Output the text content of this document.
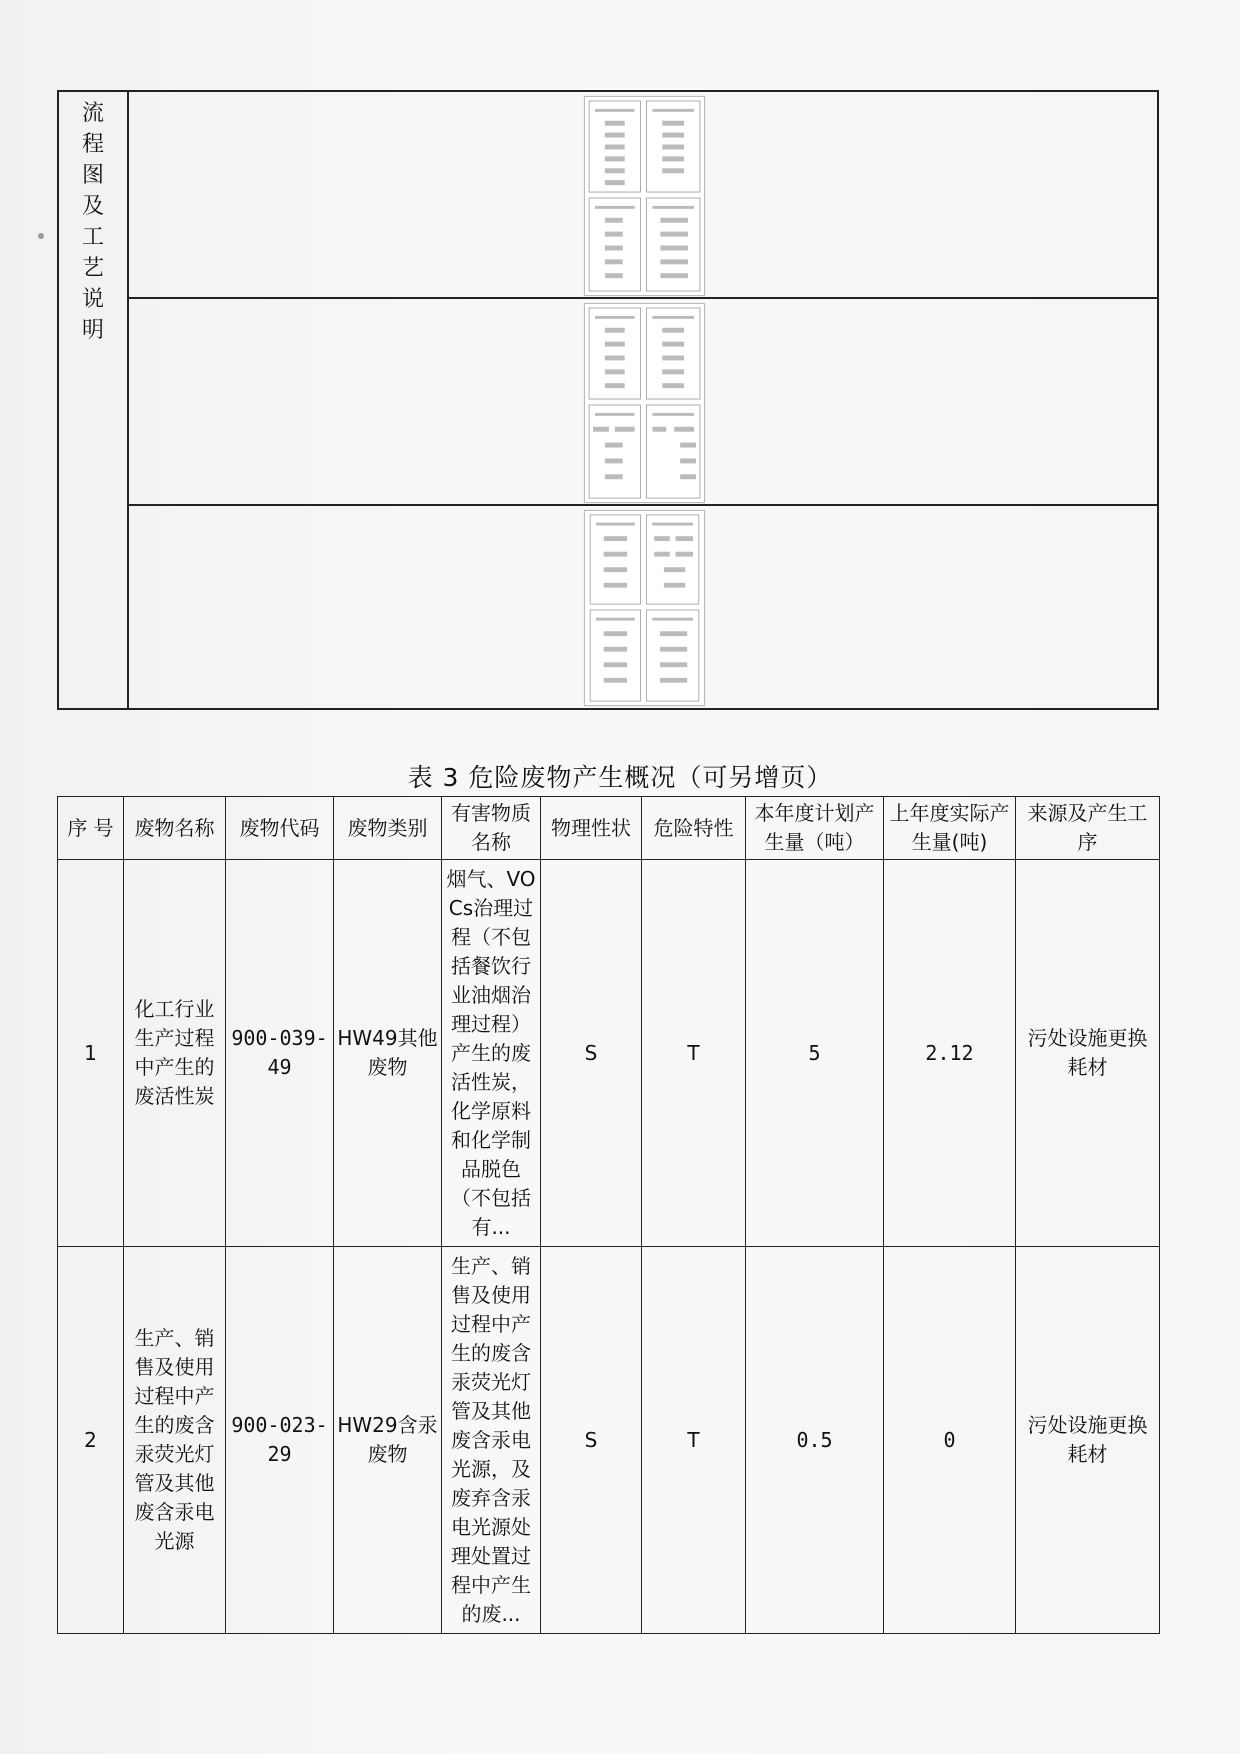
流
程
图
及
工
艺
说
明
表 3 危险废物产生概况（可另增页）
序 号	废物名称	废物代码	废物类别	有害物质名称	物理性状	危险特性	本年度计划产生量（吨）	上年度实际产生量(吨)	来源及产生工序
1	化工行业生产过程中产生的废活性炭	900-039-49	HW49其他废物	烟气、VOCs治理过程（不包括餐饮行业油烟治理过程）产生的废活性炭，化学原料和化学制品脱色（不包括有...	S	T	5	2.12	污处设施更换耗材
2	生产、销售及使用过程中产生的废含汞荧光灯管及其他废含汞电光源	900-023-29	HW29含汞废物	生产、销售及使用过程中产生的废含汞荧光灯管及其他废含汞电光源，及废弃含汞电光源处理处置过程中产生的废...	S	T	0.5	0	污处设施更换耗材
